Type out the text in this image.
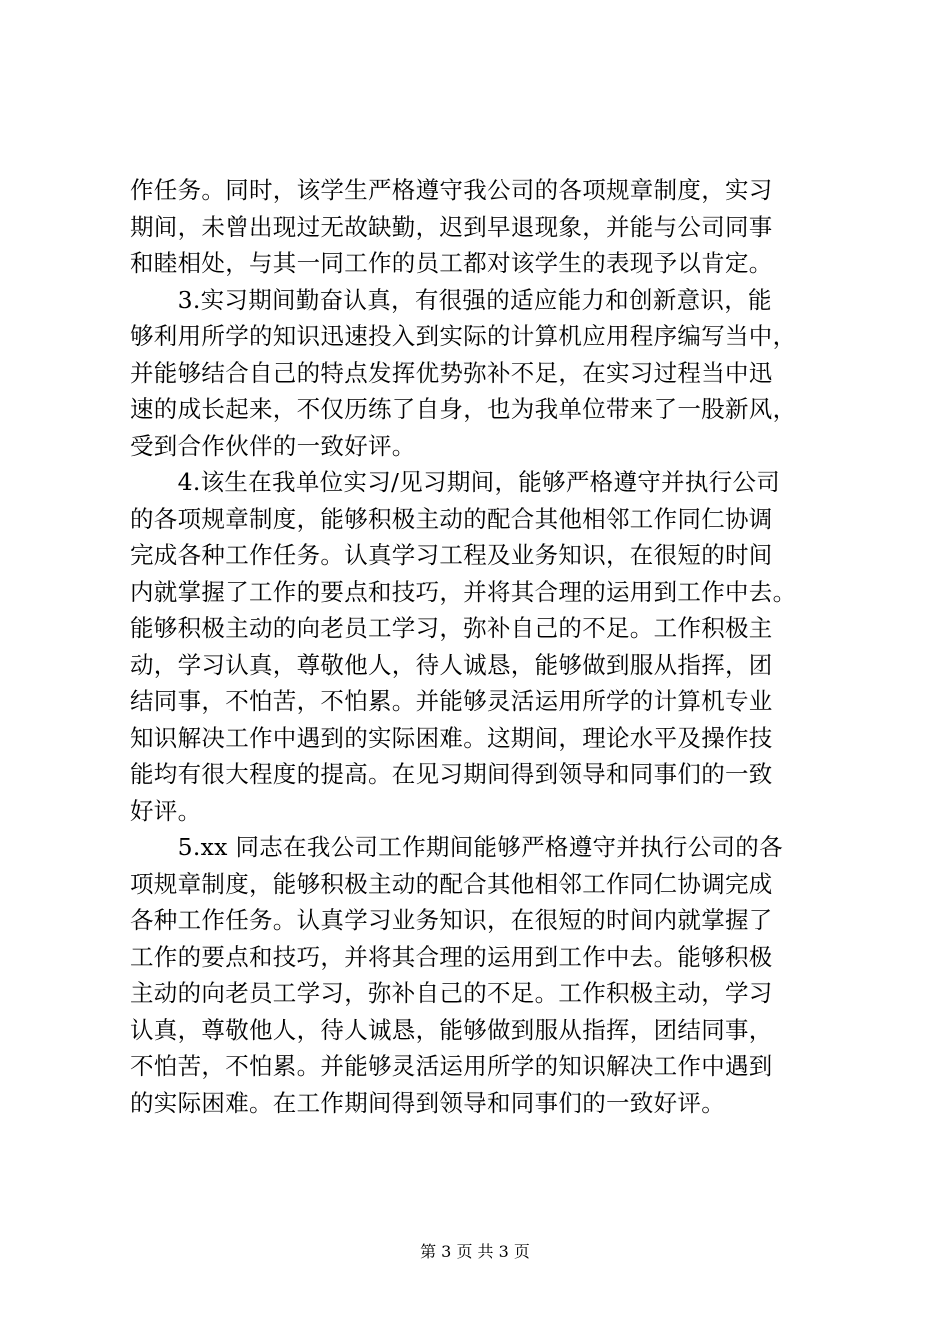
作任务。同时，该学生严格遵守我公司的各项规章制度，实习
期间，未曾出现过无故缺勤，迟到早退现象，并能与公司同事
和睦相处，与其一同工作的员工都对该学生的表现予以肯定。
　　3.实习期间勤奋认真，有很强的适应能力和创新意识，能
够利用所学的知识迅速投入到实际的计算机应用程序编写当中，
并能够结合自己的特点发挥优势弥补不足，在实习过程当中迅
速的成长起来，不仅历练了自身，也为我单位带来了一股新风，
受到合作伙伴的一致好评。
　　4.该生在我单位实习/见习期间，能够严格遵守并执行公司
的各项规章制度，能够积极主动的配合其他相邻工作同仁协调
完成各种工作任务。认真学习工程及业务知识，在很短的时间
内就掌握了工作的要点和技巧，并将其合理的运用到工作中去。
能够积极主动的向老员工学习，弥补自己的不足。工作积极主
动，学习认真，尊敬他人，待人诚恳，能够做到服从指挥，团
结同事，不怕苦，不怕累。并能够灵活运用所学的计算机专业
知识解决工作中遇到的实际困难。这期间，理论水平及操作技
能均有很大程度的提高。在见习期间得到领导和同事们的一致
好评。
　　5.xx 同志在我公司工作期间能够严格遵守并执行公司的各
项规章制度，能够积极主动的配合其他相邻工作同仁协调完成
各种工作任务。认真学习业务知识，在很短的时间内就掌握了
工作的要点和技巧，并将其合理的运用到工作中去。能够积极
主动的向老员工学习，弥补自己的不足。工作积极主动，学习
认真，尊敬他人，待人诚恳，能够做到服从指挥，团结同事，
不怕苦，不怕累。并能够灵活运用所学的知识解决工作中遇到
的实际困难。在工作期间得到领导和同事们的一致好评。
第 3 页 共 3 页
